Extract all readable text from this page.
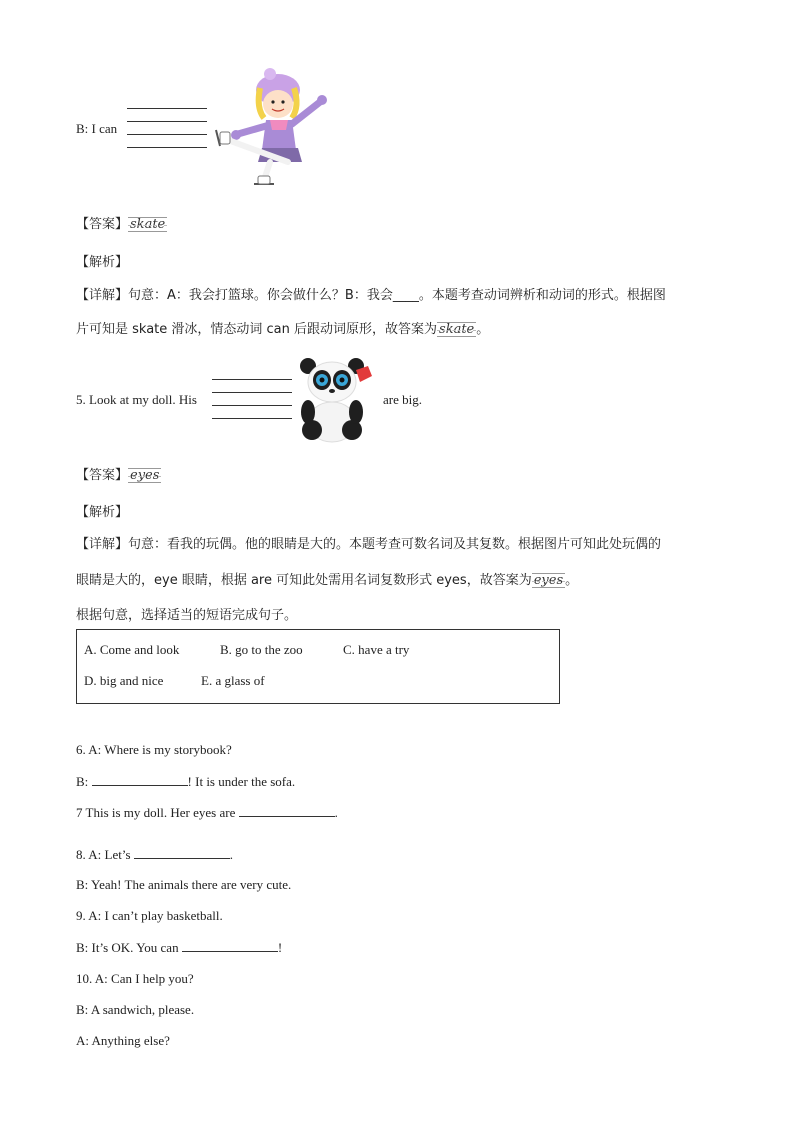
B: I can
【答案】 skate
【解析】
【详解】句意：A：我会打篮球。你会做什么？B：我会____。本题考查动词辨析和动词的形式。根据图
片可知是 skate 滑冰，情态动词 can 后跟动词原形，故答案为 skate 。
5. Look at my doll. His	are big.
【答案】 eyes
【解析】
【详解】句意：看我的玩偶。他的眼睛是大的。本题考查可数名词及其复数。根据图片可知此处玩偶的
眼睛是大的，eye 眼睛，根据 are 可知此处需用名词复数形式 eyes，故答案为 eyes 。
根据句意，选择适当的短语完成句子。
A. Come and look	B. go to the zoo	C. have a try
D. big and nice	E. a glass of
6. A: Where is my storybook?
B:	! It is under the sofa.
7 This is my doll. Her eyes are	.
8. A: Let’s	.
B: Yeah! The animals there are very cute.
9. A: I can’t play basketball.
B: It’s OK. You can	!
10. A: Can I help you?
B: A sandwich, please.
A: Anything else?
